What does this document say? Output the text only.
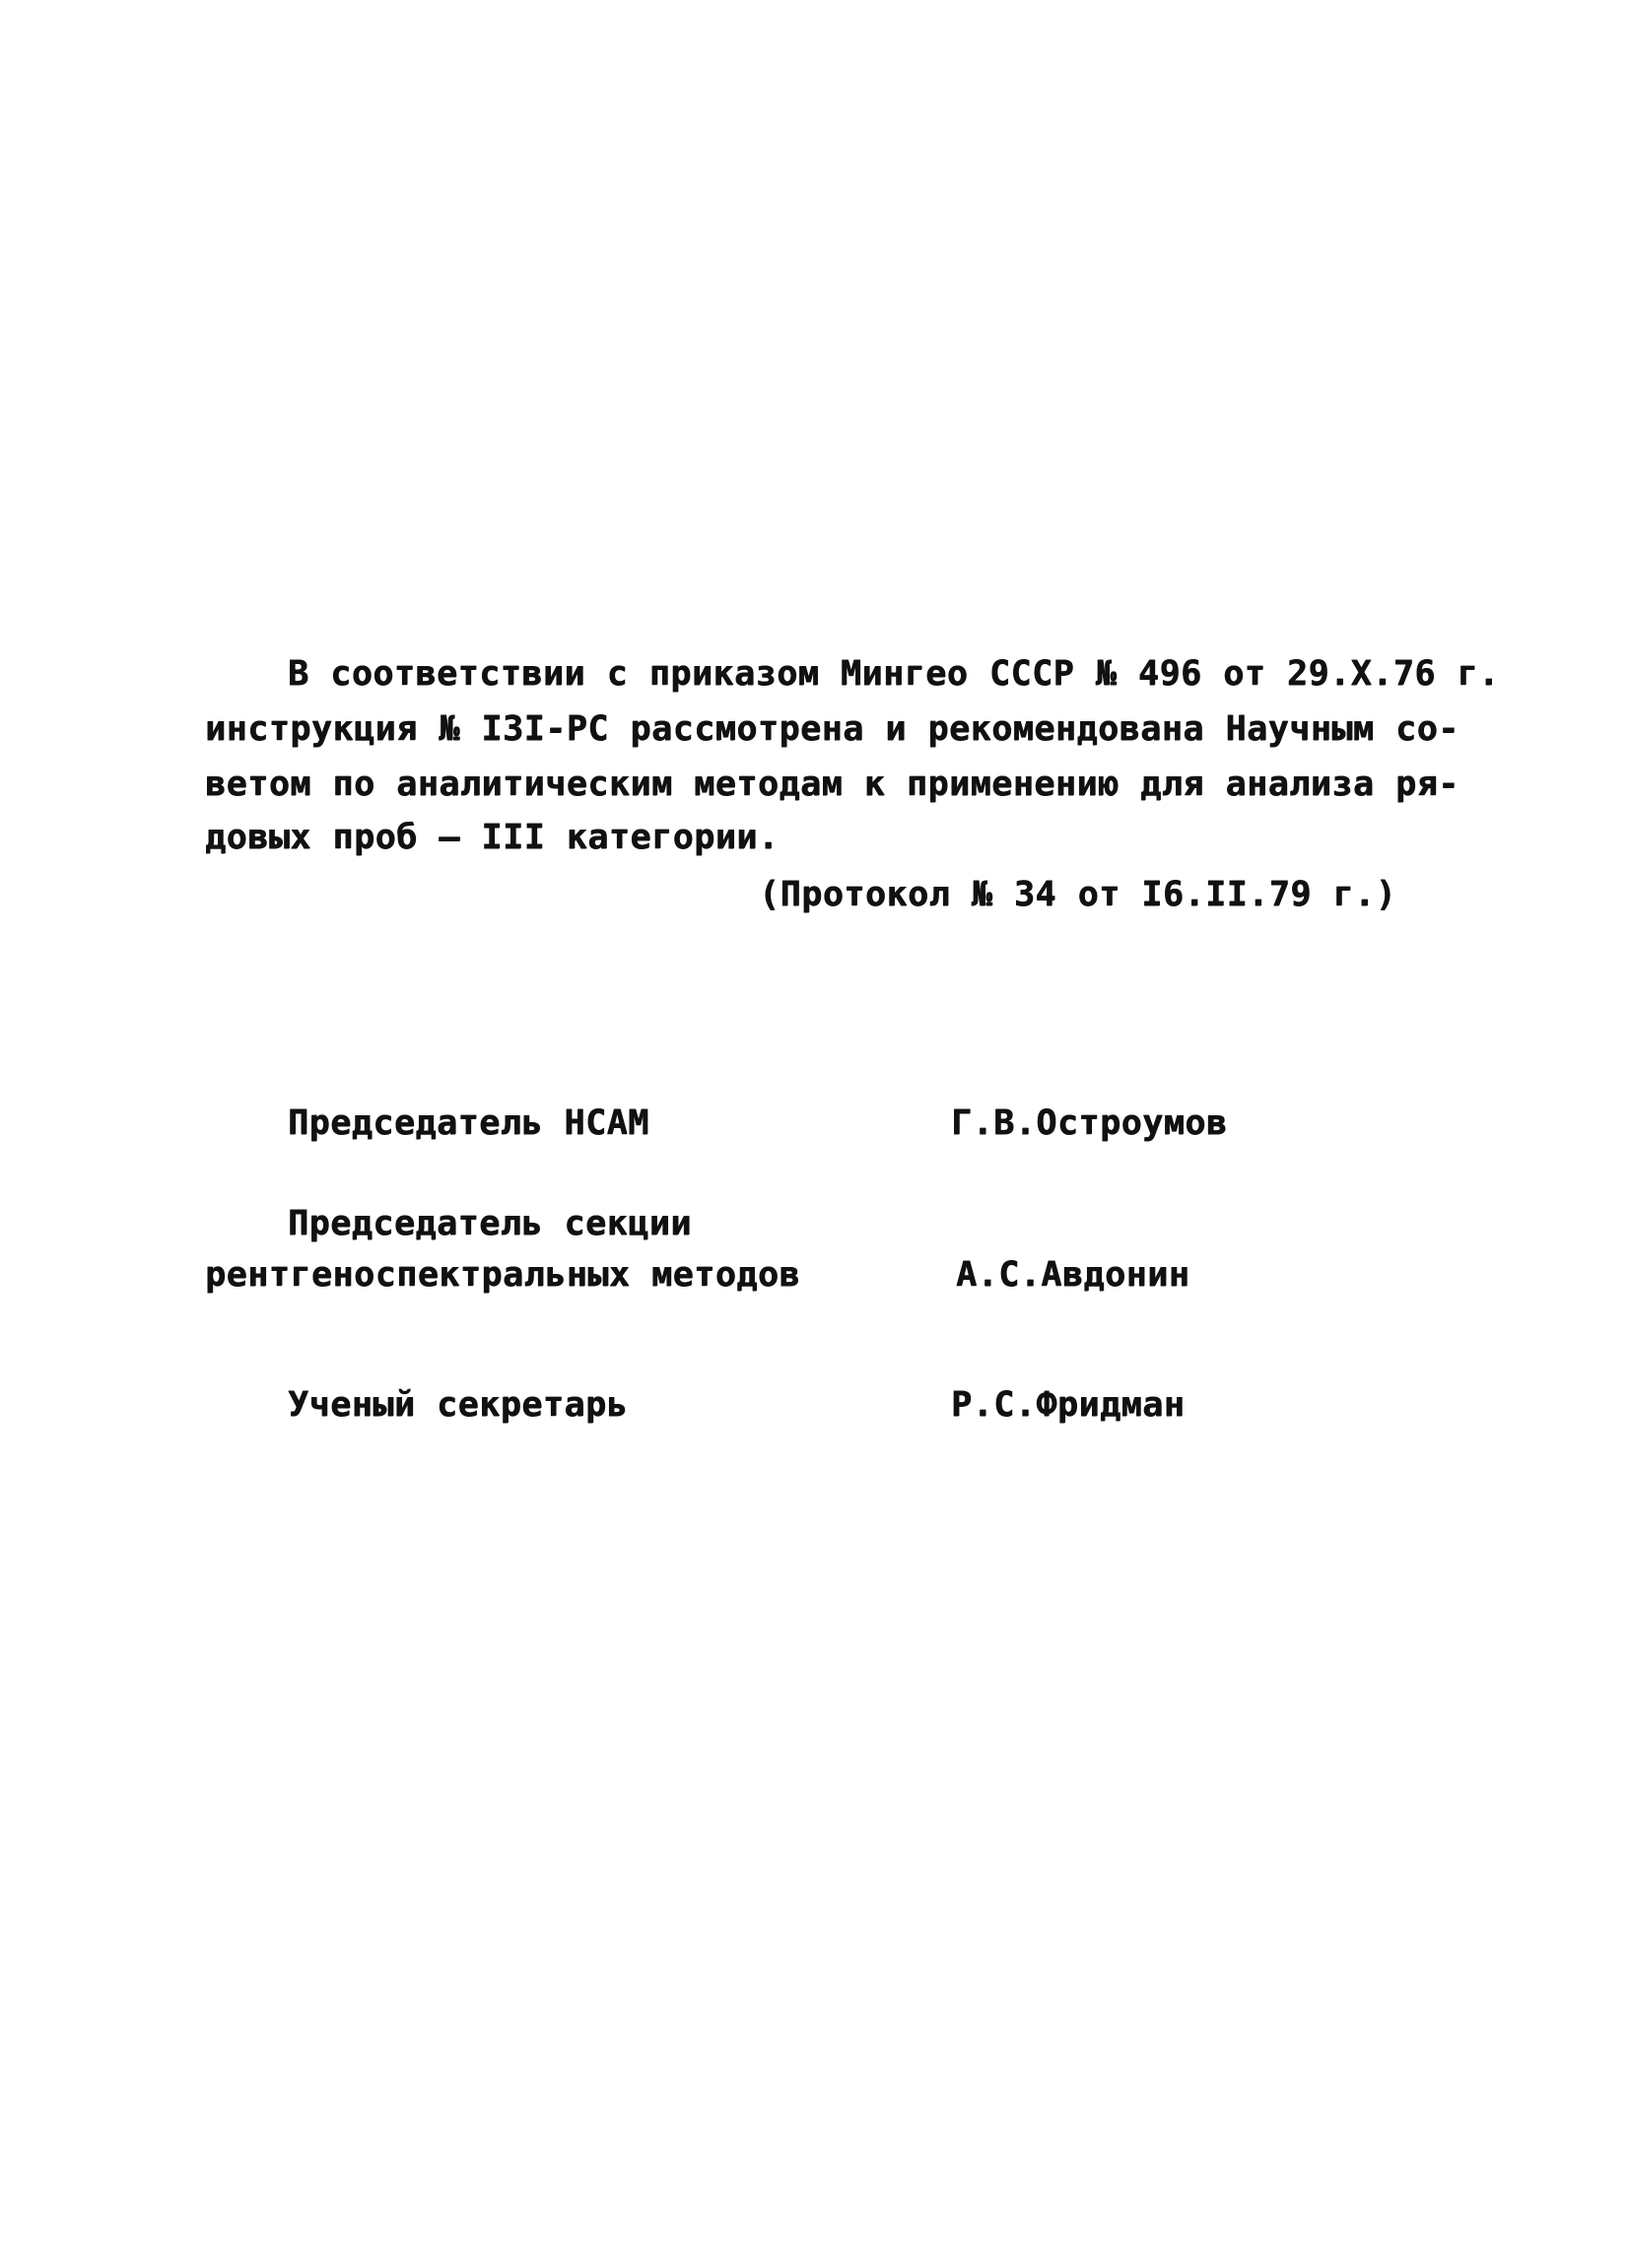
В соответствии с приказом Мингео СССР № 496 от 29.X.76 г.
инструкция № I3I-РС рассмотрена и рекомендована Научным со-
ветом по аналитическим методам к применению для анализа ря-
довых проб – III категории.
(Протокол № 34 от I6.II.79 г.)
Председатель НСАМ	Г.В.Остроумов
Председатель секции
рентгеноспектральных методов	А.С.Авдонин
Ученый секретарь	Р.С.Фридман
